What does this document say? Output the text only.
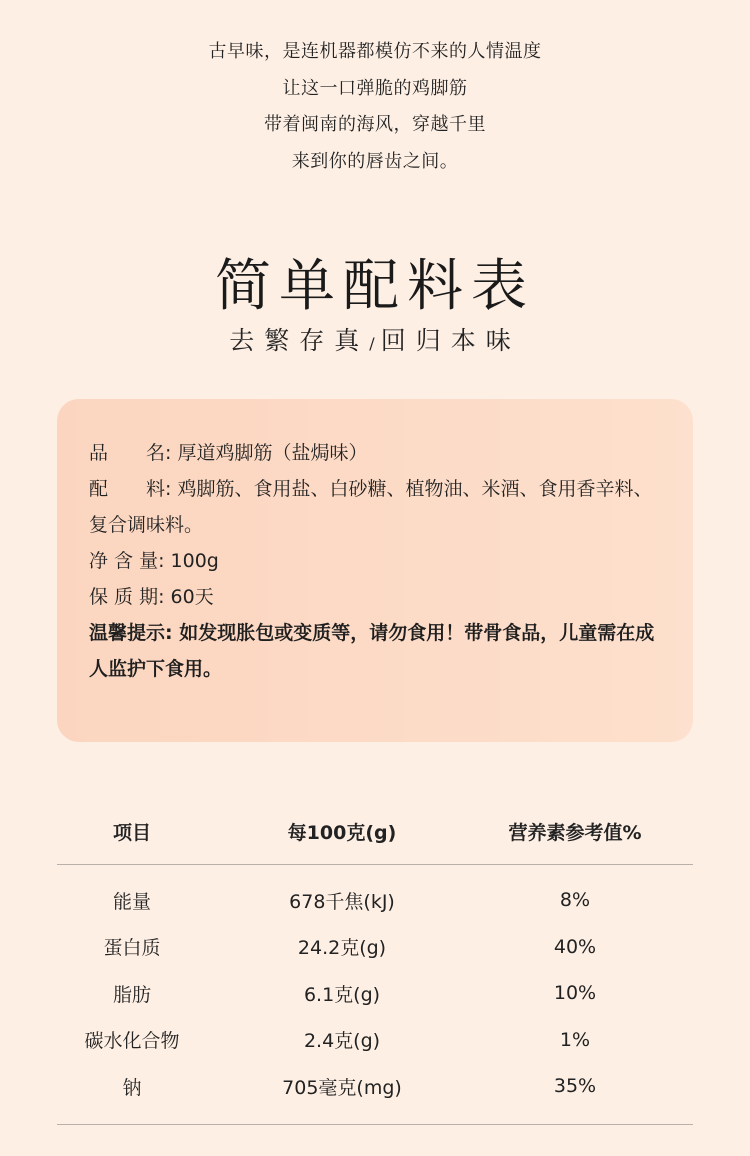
古早味，是连机器都模仿不来的人情温度

让这一口弹脆的鸡脚筋

带着闽南的海风，穿越千里

来到你的唇齿之间。

简单配料表
去繁存真/回归本味
品　　名: 厚道鸡脚筋（盐焗味）
配　　料: 鸡脚筋、食用盐、白砂糖、植物油、米酒、食用香辛料、复合调味料。
净 含 量: 100g
保 质 期: 60天
温馨提示: 如发现胀包或变质等，请勿食用！带骨食品，儿童需在成人监护下食用。
项目	每100克(g)	营养素参考值%
能量	678千焦(kJ)	8%
蛋白质	24.2克(g)	40%
脂肪	6.1克(g)	10%
碳水化合物	2.4克(g)	1%
钠	705毫克(mg)	35%
